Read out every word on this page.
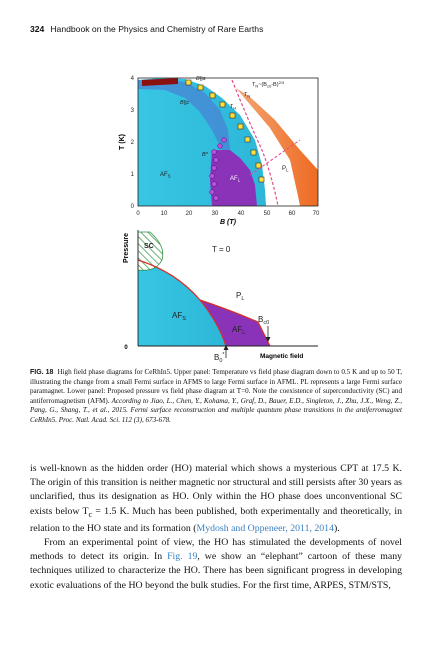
324 Handbook on the Physics and Chemistry of Rare Earths
0
1
2
3
4
0	10	20	30	40	50	60	70
T (K)
B (T)
B||a
B||c
$T_N\sim(B_{c0}-B)^{2/3}$
$T_N$
$T_H$
B*
$AF_S$	$AF_L$
$P_L$
Pressure
0
Magnetic field
SC	T = 0
$P_L$
$AF_S$
$AF_L$
$B_{c0}$
$B_0^*$
FIG. 18 High field phase diagrams for CeRhIn5. Upper panel: Temperature vs field phase diagram down to 0.5 K and up to 50 T, illustrating the change from a small Fermi surface in AFMS to large Fermi surface in AFML. PL represents a large Fermi surface paramagnet. Lower panel: Proposed pressure vs field phase diagram at T=0. Note the coexistence of superconductivity (SC) and antiferromagnetism (AFM). According to Jiao, L., Chen, Y., Kohama, Y., Graf, D., Bauer, E.D., Singleton, J., Zhu, J.X., Weng, Z., Pang, G., Shang, T., et al., 2015. Fermi surface reconstruction and multiple quantum phase transitions in the antiferromagnet CeRhIn5. Proc. Natl. Acad. Sci. 112 (3), 673-678.

is well-known as the hidden order (HO) material which shows a mysterious CPT at 17.5 K. The origin of this transition is neither magnetic nor structural and still persists after 30 years as unclarified, thus its designation as HO. Only within the HO phase does unconventional SC exists below $T_c = 1.5$ K. Much has been published, both experimentally and theoretically, in relation to the HO state and its formation (Mydosh and Oppeneer, 2011, 2014).

From an experimental point of view, the HO has stimulated the developments of novel methods to detect its origin. In Fig. 19, we show an “elephant” cartoon of these many techniques utilized to characterize the HO. There has been significant progress in developing exotic evaluations of the HO beyond the bulk studies. For the first time, ARPES, STM/STS,
